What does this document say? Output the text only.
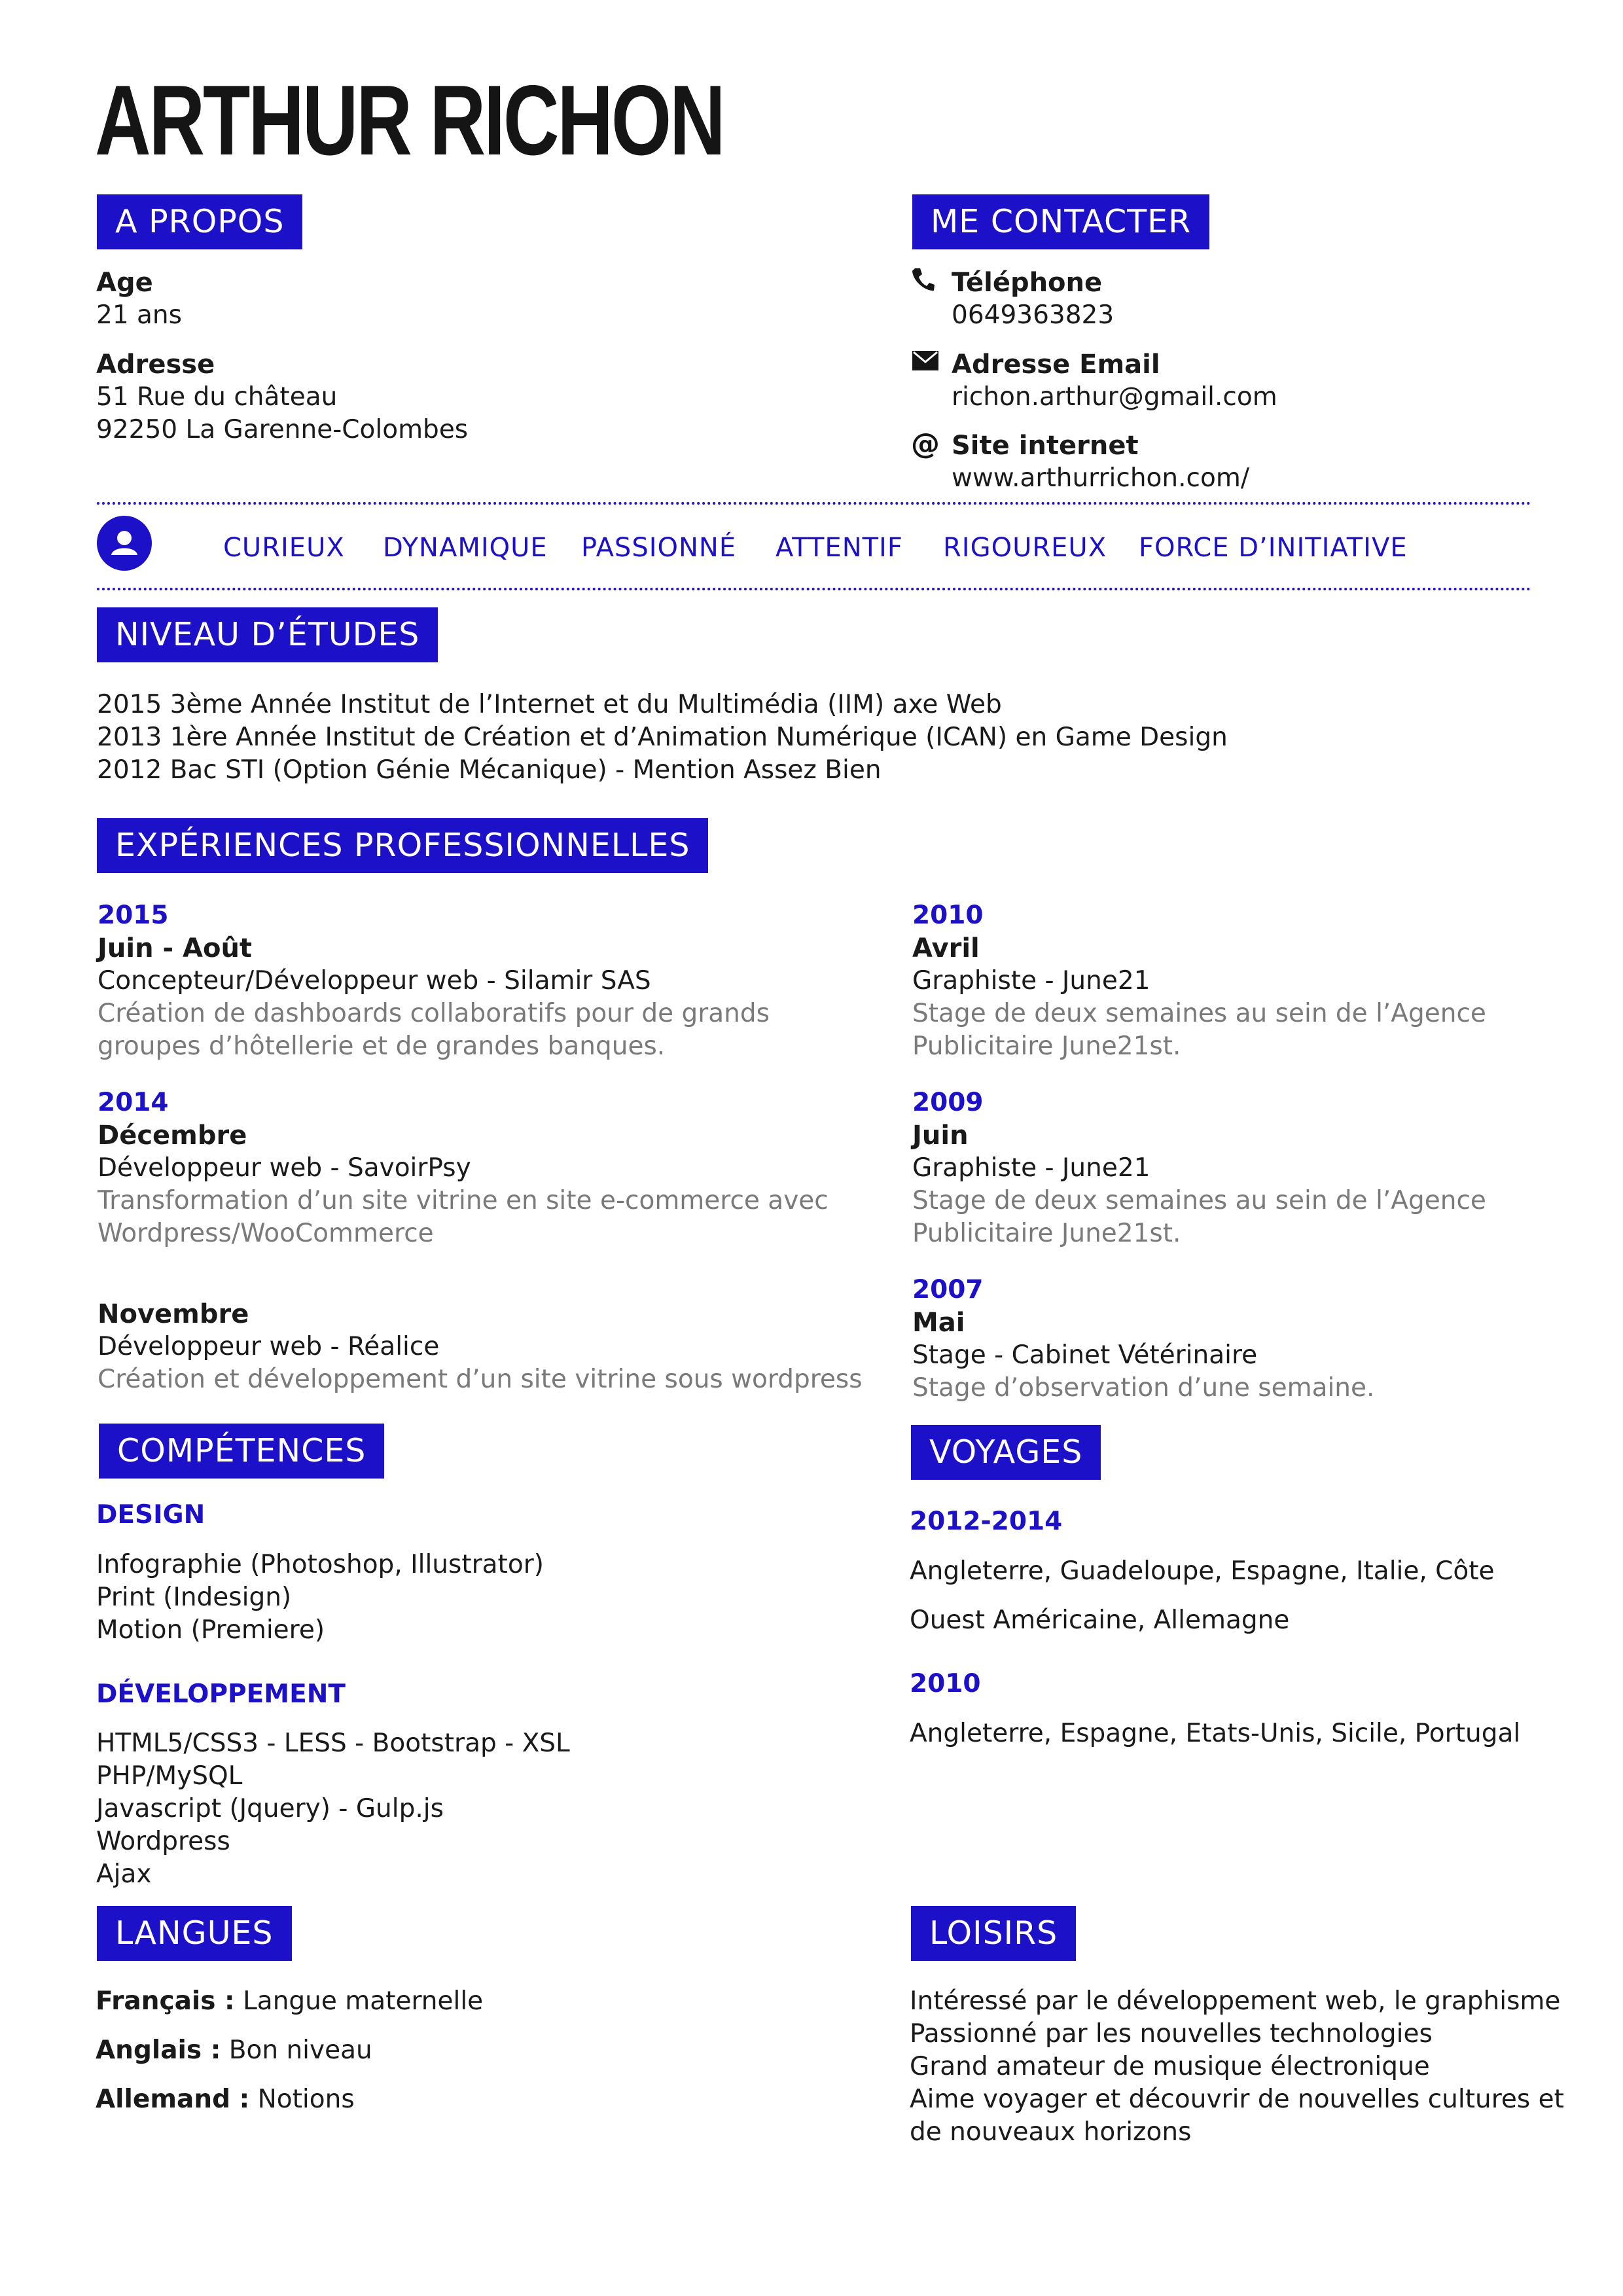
ARTHUR RICHON
A PROPOS
Age
21 ans
Adresse
51 Rue du château
92250 La Garenne-Colombes
ME CONTACTER
Téléphone
0649363823
Adresse Email
richon.arthur@gmail.com
@ Site internet
www.arthurrichon.com/
CURIEUX DYNAMIQUE PASSIONNÉ ATTENTIF RIGOUREUX FORCE D’INITIATIVE
NIVEAU D’ÉTUDES
2015 3ème Année Institut de l’Internet et du Multimédia (IIM) axe Web
2013 1ère Année Institut de Création et d’Animation Numérique (ICAN) en Game Design
2012 Bac STI (Option Génie Mécanique) - Mention Assez Bien
EXPÉRIENCES PROFESSIONNELLES
2015
Juin - Août
Concepteur/Développeur web - Silamir SAS
Création de dashboards collaboratifs pour de grands
groupes d’hôtellerie et de grandes banques.
2014
Décembre
Développeur web - SavoirPsy
Transformation d’un site vitrine en site e-commerce avec
Wordpress/WooCommerce
Novembre
Développeur web - Réalice
Création et développement d’un site vitrine sous wordpress
2010
Avril
Graphiste - June21
Stage de deux semaines au sein de l’Agence
Publicitaire June21st.
2009
Juin
Graphiste - June21
Stage de deux semaines au sein de l’Agence
Publicitaire June21st.
2007
Mai
Stage - Cabinet Vétérinaire
Stage d’observation d’une semaine.
COMPÉTENCES
DESIGN
Infographie (Photoshop, Illustrator)
Print (Indesign)
Motion (Premiere)
DÉVELOPPEMENT
HTML5/CSS3 - LESS - Bootstrap - XSL
PHP/MySQL
Javascript (Jquery) - Gulp.js
Wordpress
Ajax
VOYAGES
2012-2014
Angleterre, Guadeloupe, Espagne, Italie, Côte
Ouest Américaine, Allemagne
2010
Angleterre, Espagne, Etats-Unis, Sicile, Portugal
LANGUES
Français : Langue maternelle
Anglais : Bon niveau
Allemand : Notions
LOISIRS
Intéressé par le développement web, le graphisme
Passionné par les nouvelles technologies
Grand amateur de musique électronique
Aime voyager et découvrir de nouvelles cultures et
de nouveaux horizons
